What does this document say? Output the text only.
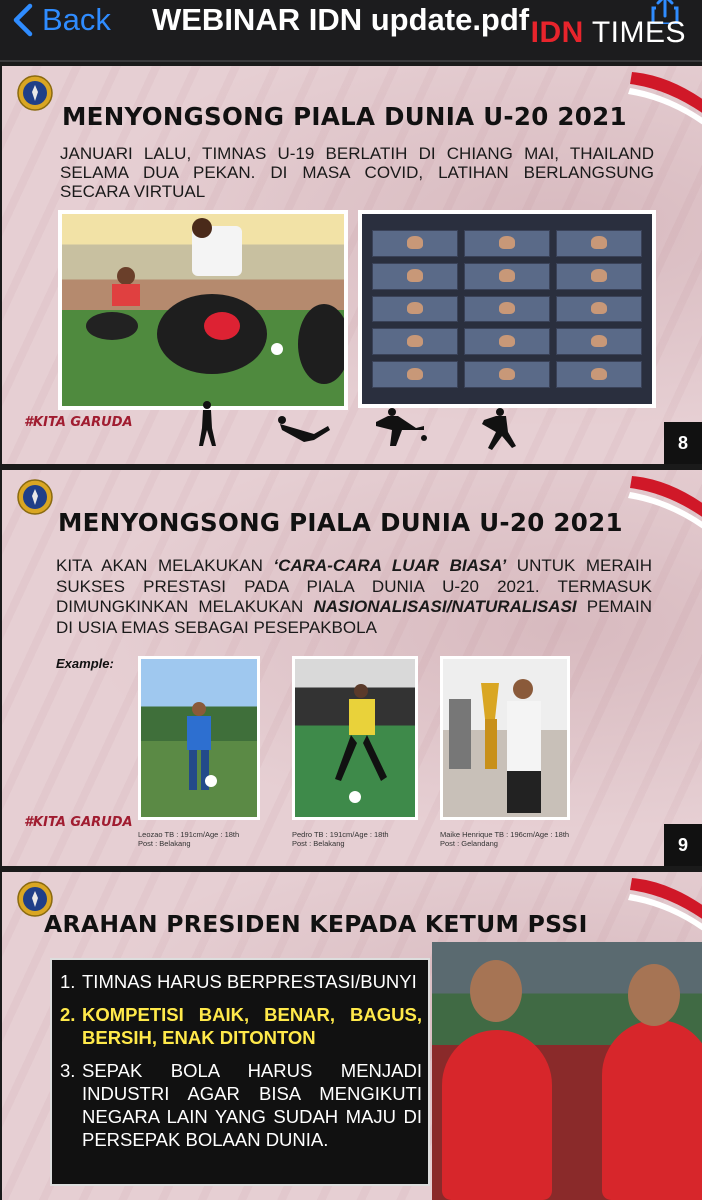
Back WEBINAR IDN update.pdf IDN TIMES
MENYONGSONG PIALA DUNIA U-20 2021
JANUARI LALU, TIMNAS U-19 BERLATIH DI CHIANG MAI, THAILAND SELAMA DUA PEKAN. DI MASA COVID, LATIHAN BERLANGSUNG SECARA VIRTUAL
#KITA GARUDA
8
MENYONGSONG PIALA DUNIA U-20 2021
KITA AKAN MELAKUKAN ‘CARA-CARA LUAR BIASA’ UNTUK MERAIH SUKSES PRESTASI PADA PIALA DUNIA U-20 2021. TERMASUK DIMUNGKINKAN MELAKUKAN NASIONALISASI/NATURALISASI PEMAIN DI USIA EMAS SEBAGAI PESEPAKBOLA
Example:
Leozao TB : 191cm/Age : 18th
Post : Belakang
Pedro TB : 191cm/Age : 18th
Post : Belakang
Maike Henrique TB : 196cm/Age : 18th
Post : Gelandang
#KITA GARUDA
9
ARAHAN PRESIDEN KEPADA KETUM PSSI
1. TIMNAS HARUS BERPRESTASI/BUNYI
2. KOMPETISI BAIK, BENAR, BAGUS, BERSIH, ENAK DITONTON
3. SEPAK BOLA HARUS MENJADI INDUSTRI AGAR BISA MENGIKUTI NEGARA LAIN YANG SUDAH MAJU DI PERSEPAK BOLAAN DUNIA.
